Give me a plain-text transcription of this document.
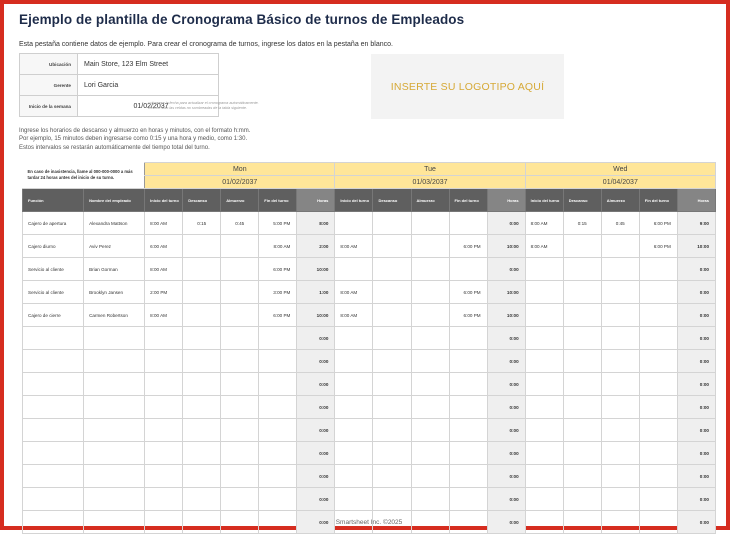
Ejemplo de plantilla de Cronograma Básico de turnos de Empleados
Esta pestaña contiene datos de ejemplo. Para crear el cronograma de turnos, ingrese los datos en la pestaña en blanco.
Ubicación	Main Store, 123 Elm Street
Gerente	Lori Garcia
Inicio de la semana	01/02/2037
<<Ingrese la fecha para actualizar el cronograma automáticamente.
Rellene solo las celdas no sombreadas de la tabla siguiente.
INSERTE SU LOGOTIPO AQUÍ
Ingrese los horarios de descanso y almuerzo en horas y minutos, con el formato h:mm.
Por ejemplo, 15 minutos deben ingresarse como 0:15 y una hora y medio, como 1:30.
Estos intervalos se restarán automáticamente del tiempo total del turno.
En caso de inasistencia, llame al 000-000-0000 a más tardar 24 horas antes del inicio de su turno.		Mon					Tue					Wed				
		01/02/2037					01/03/2037					01/04/2037				
Función	Nombre del empleado	Inicio del turno	Descanso	Almuerzo	Fin del turno	Horas	Inicio del turno	Descanso	Almuerzo	Fin del turno	Horas	Inicio del turno	Descanso	Almuerzo	Fin del turno	Horas
Cajero de apertura	Alexandra Mattson	8:00 AM	0:15	0:45	5:00 PM	8:00					0:00	8:00 AM	0:15	0:45	6:00 PM	9:00
Cajero diurno	Aviv Perez	6:00 AM			8:00 AM	2:00	8:00 AM			6:00 PM	10:00	8:00 AM			6:00 PM	10:00
Servicio al cliente	Brian Gorman	8:00 AM			6:00 PM	10:00					0:00					0:00
Servicio al cliente	Brooklyn Jansen	2:00 PM			3:00 PM	1:00	8:00 AM			6:00 PM	10:00					0:00
Cajero de cierre	Carmen Robertson	8:00 AM			6:00 PM	10:00	8:00 AM			6:00 PM	10:00					0:00
						0:00					0:00					0:00
						0:00					0:00					0:00
						0:00					0:00					0:00
						0:00					0:00					0:00
						0:00					0:00					0:00
						0:00					0:00					0:00
						0:00					0:00					0:00
						0:00					0:00					0:00
						0:00					0:00					0:00
Smartsheet Inc. ©2025
